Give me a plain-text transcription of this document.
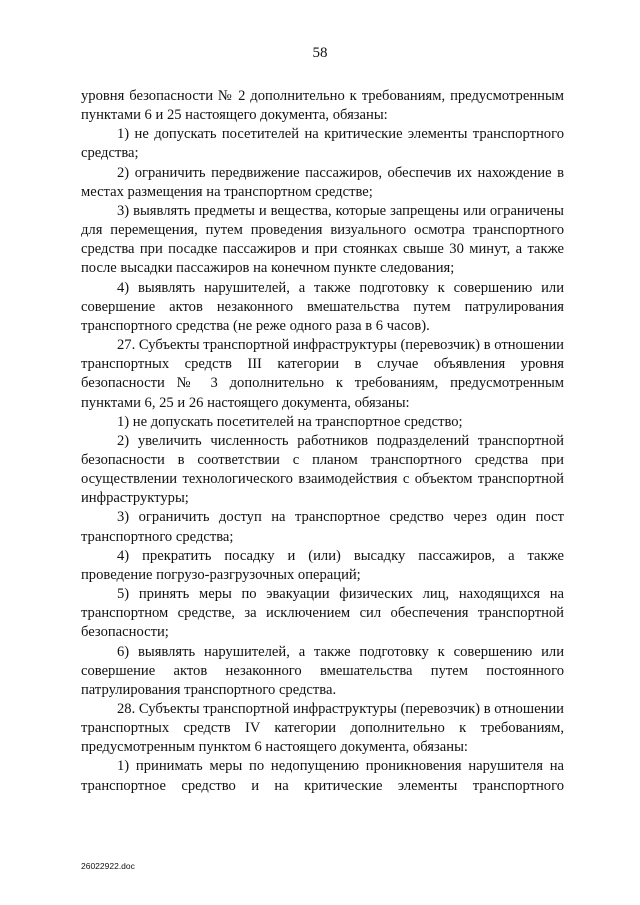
58

уровня безопасности № 2 дополнительно к требованиям, предусмотренным пунктами 6 и 25 настоящего документа, обязаны:

1) не допускать посетителей на критические элементы транспортного средства;

2) ограничить передвижение пассажиров, обеспечив их нахождение в местах размещения на транспортном средстве;

3) выявлять предметы и вещества, которые запрещены или ограничены для перемещения, путем проведения визуального осмотра транспортного средства при посадке пассажиров и при стоянках свыше 30 минут, а также после высадки пассажиров на конечном пункте следования;

4) выявлять нарушителей, а также подготовку к совершению или совершение актов незаконного вмешательства путем патрулирования транспортного средства (не реже одного раза в 6 часов).

27. Субъекты транспортной инфраструктуры (перевозчик) в отношении транспортных средств III категории в случае объявления уровня безопасности № 3 дополнительно к требованиям, предусмотренным пунктами 6, 25 и 26 настоящего документа, обязаны:

1) не допускать посетителей на транспортное средство;

2) увеличить численность работников подразделений транспортной безопасности в соответствии с планом транспортного средства при осуществлении технологического взаимодействия с объектом транспортной инфраструктуры;

3) ограничить доступ на транспортное средство через один пост транспортного средства;

4) прекратить посадку и (или) высадку пассажиров, а также проведение погрузо-разгрузочных операций;

5) принять меры по эвакуации физических лиц, находящихся на транспортном средстве, за исключением сил обеспечения транспортной безопасности;

6) выявлять нарушителей, а также подготовку к совершению или совершение актов незаконного вмешательства путем постоянного патрулирования транспортного средства.

28. Субъекты транспортной инфраструктуры (перевозчик) в отношении транспортных средств IV категории дополнительно к требованиям, предусмотренным пунктом 6 настоящего документа, обязаны:

1) принимать меры по недопущению проникновения нарушителя на транспортное средство и на критические элементы транспортного

26022922.doc
